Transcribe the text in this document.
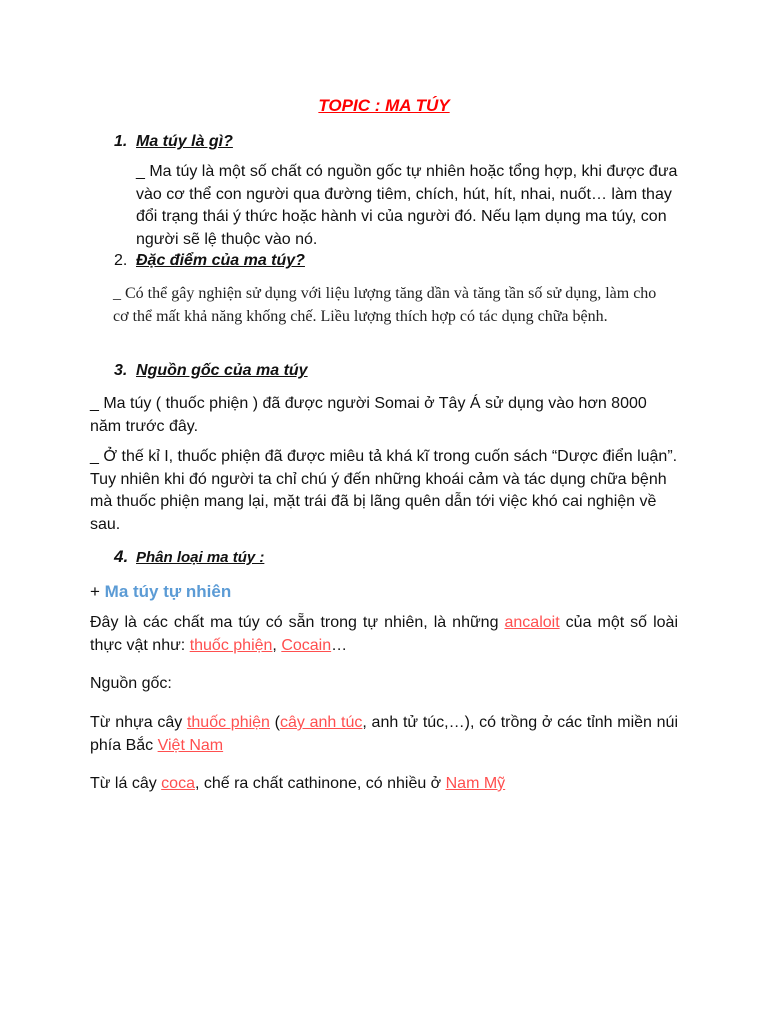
TOPIC : MA TÚY
1. Ma túy là gì?
_ Ma túy là một số chất có nguồn gốc tự nhiên hoặc tổng hợp, khi được đưa vào cơ thể con người qua đường tiêm, chích, hút, hít, nhai, nuốt… làm thay đổi trạng thái ý thức hoặc hành vi của người đó. Nếu lạm dụng ma túy, con người sẽ lệ thuộc vào nó.
2. Đặc điểm của ma túy?
_ Có thể gây nghiện sử dụng với liệu lượng tăng dần và tăng tần số sử dụng, làm cho cơ thể mất khả năng khống chế. Liều lượng thích hợp có tác dụng chữa bệnh.
3. Nguồn gốc của ma túy
_ Ma túy ( thuốc phiện ) đã được người Somai ở Tây Á sử dụng vào hơn 8000 năm trước đây.
_ Ở thế kỉ I, thuốc phiện đã được miêu tả khá kĩ trong cuốn sách “Dược điển luận”. Tuy nhiên khi đó người ta chỉ chú ý đến những khoái cảm và tác dụng chữa bệnh mà thuốc phiện mang lại, mặt trái đã bị lãng quên dẫn tới việc khó cai nghiện về sau.
4. Phân loại ma túy :
+ Ma túy tự nhiên
Đây là các chất ma túy có sẵn trong tự nhiên, là những ancaloit của một số loài thực vật như: thuốc phiện, Cocain…
Nguồn gốc:
Từ nhựa cây thuốc phiện (cây anh túc, anh tử túc,…), có trồng ở các tỉnh miền núi phía Bắc Việt Nam
Từ lá cây coca, chế ra chất cathinone, có nhiều ở Nam Mỹ
